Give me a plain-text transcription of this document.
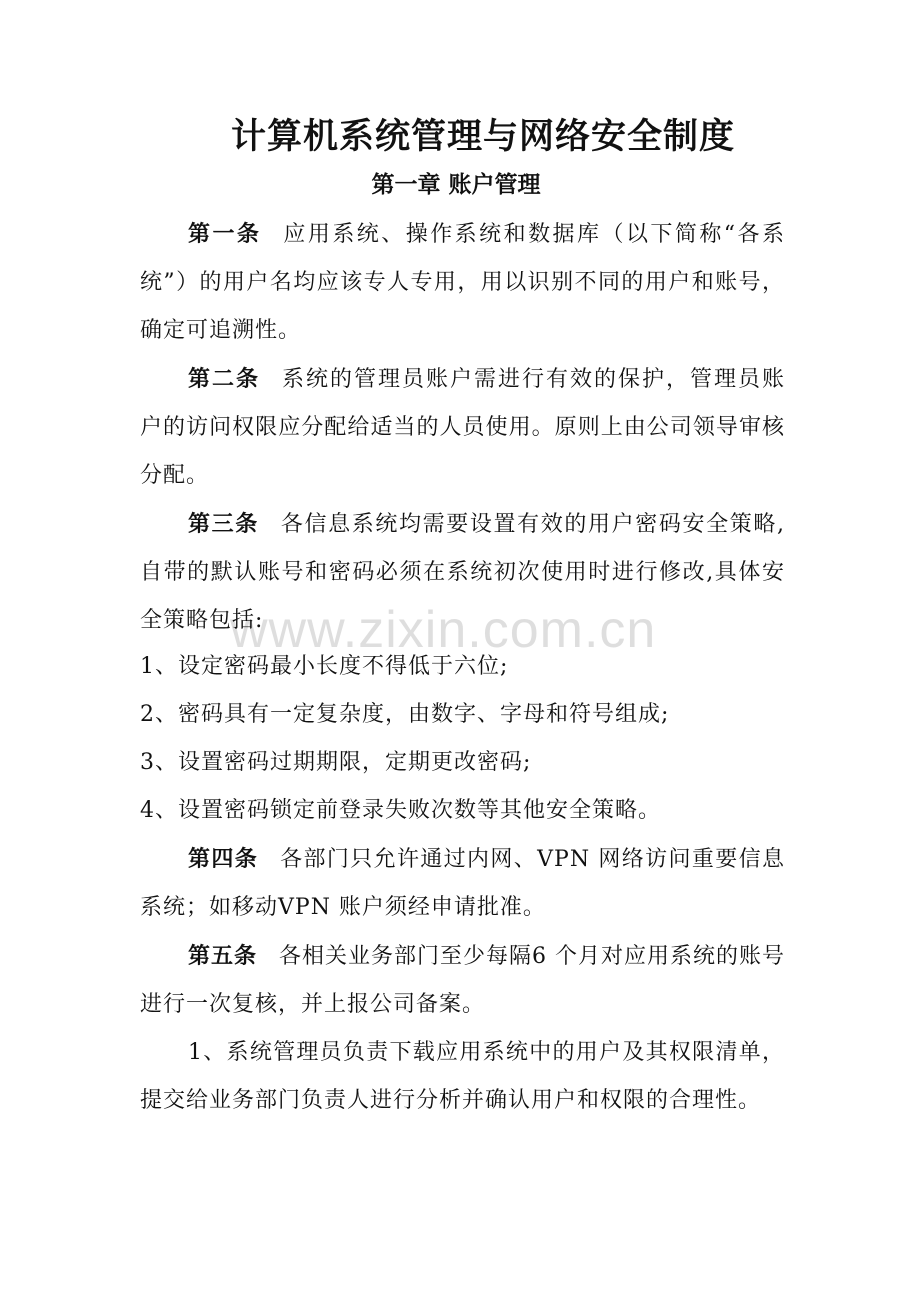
计算机系统管理与网络安全制度
第一章 账户管理
第一条 应用系统、操作系统和数据库（以下简称“各系统”）的用户名均应该专人专用，用以识别不同的用户和账号，确定可追溯性。
第二条 系统的管理员账户需进行有效的保护，管理员账户的访问权限应分配给适当的人员使用。原则上由公司领导审核分配。
第三条 各信息系统均需要设置有效的用户密码安全策略,自带的默认账号和密码必须在系统初次使用时进行修改,具体安全策略包括:
1、设定密码最小长度不得低于六位;
2、密码具有一定复杂度，由数字、字母和符号组成;
3、设置密码过期期限，定期更改密码;
4、设置密码锁定前登录失败次数等其他安全策略。
第四条 各部门只允许通过内网、VPN 网络访问重要信息系统；如移动VPN 账户须经申请批准。
第五条 各相关业务部门至少每隔6 个月对应用系统的账号进行一次复核，并上报公司备案。
1、系统管理员负责下载应用系统中的用户及其权限清单，提交给业务部门负责人进行分析并确认用户和权限的合理性。
www.zixin.com.cn
